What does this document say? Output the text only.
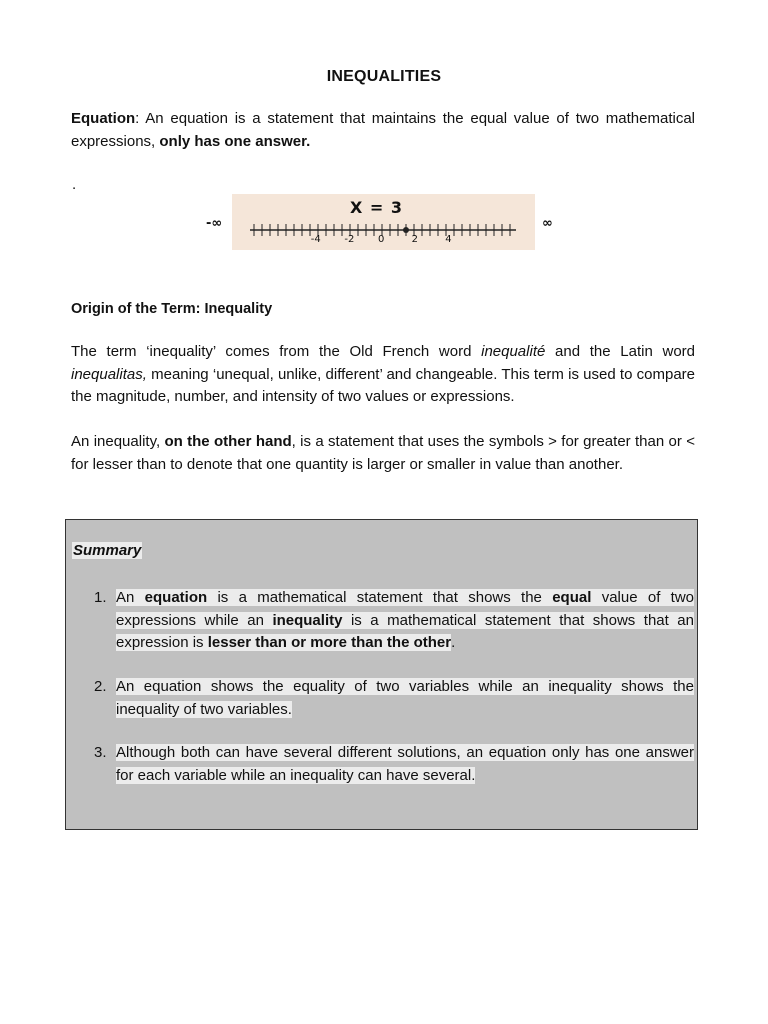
INEQUALITIES

Equation: An equation is a statement that maintains the equal value of two mathematical expressions, only has one answer.

.
-∞	∞
X = 3
-4 -2 0	2	4
Origin of the Term: Inequality

The term ‘inequality’ comes from the Old French word inequalité and the Latin word inequalitas, meaning ‘unequal, unlike, different’ and changeable. This term is used to compare the magnitude, number, and intensity of two values or expressions.

An inequality, on the other hand, is a statement that uses the symbols > for greater than or < for lesser than to denote that one quantity is larger or smaller in value than another.

Summary
1. An equation is a mathematical statement that shows the equal value of two expressions while an inequality is a mathematical statement that shows that an expression is lesser than or more than the other.
2. An equation shows the equality of two variables while an inequality shows the inequality of two variables.
3. Although both can have several different solutions, an equation only has one answer for each variable while an inequality can have several.
